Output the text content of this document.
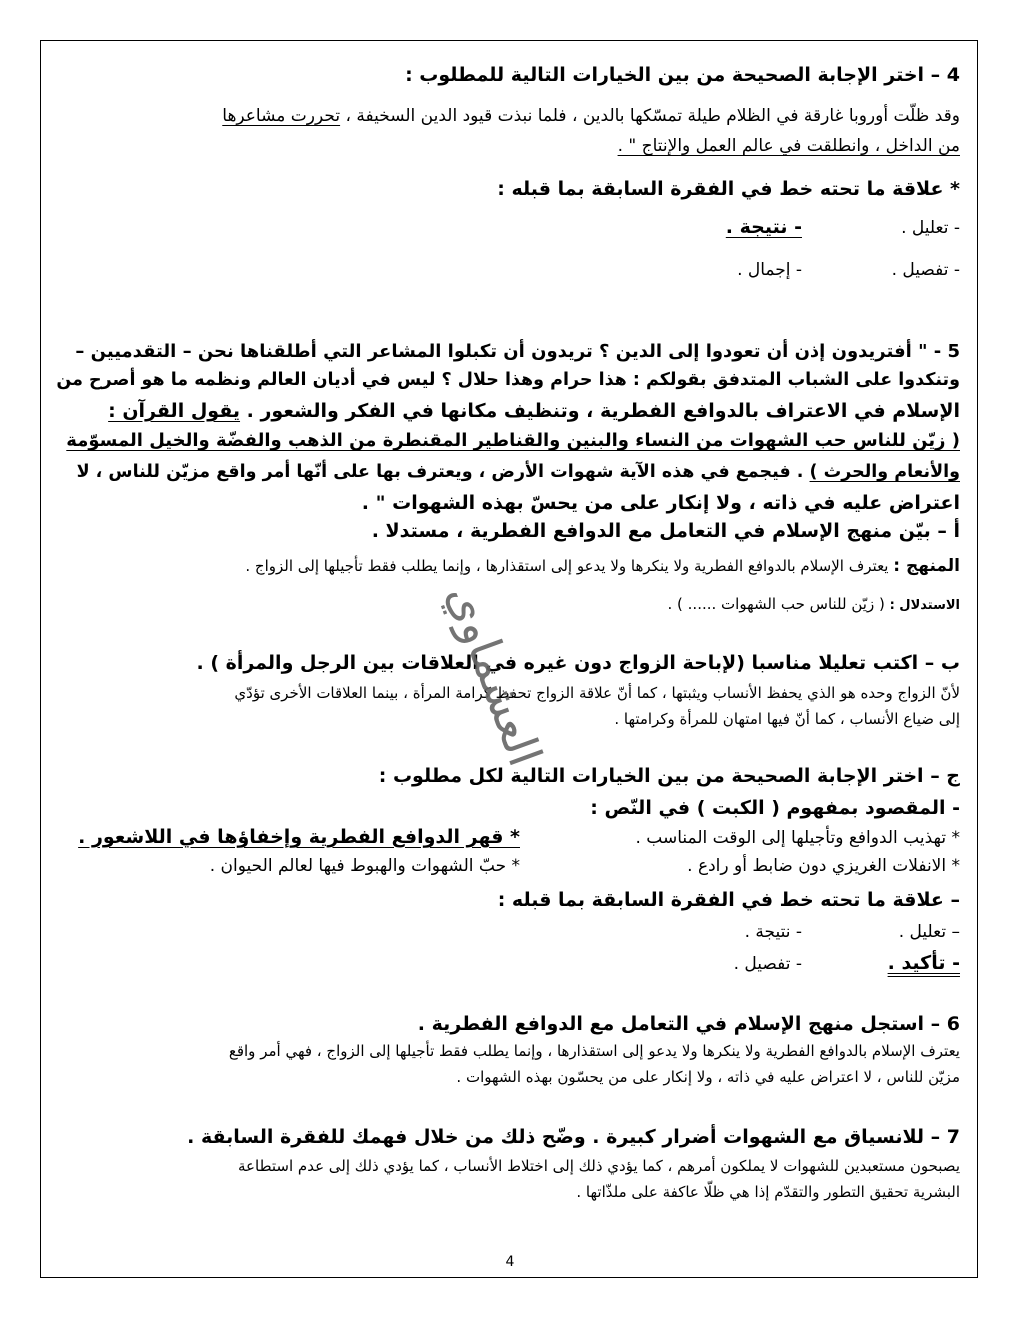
4 – اختر الإجابة الصحيحة من بين الخيارات التالية للمطلوب :
وقد ظلّت أوروبا غارقة في الظلام طيلة تمسّكها بالدين ، فلما نبذت قيود الدين السخيفة ، تحررت مشاعرها
من الداخل ، وانطلقت في عالم العمل والإنتاج " .
* علاقة ما تحته خط في الفقرة السابقة بما قبله :
- تعليل .
- نتيجة .
- تفصيل .
- إجمال .
5 - " أفتريدون إذن أن تعودوا إلى الدين ؟ تريدون أن تكبلوا المشاعر التي أطلقناها نحن – التقدميين –
وتنكدوا على الشباب المتدفق بقولكم : هذا حرام وهذا حلال ؟ ليس في أديان العالم ونظمه ما هو أصرح من
الإسلام في الاعتراف بالدوافع الفطرية ، وتنظيف مكانها في الفكر والشعور . يقول القرآن :
( زيّن للناس حب الشهوات من النساء والبنين والقناطير المقنطرة من الذهب والفضّة والخيل المسوّمة
والأنعام والحرث ) . فيجمع في هذه الآية شهوات الأرض ، ويعترف بها على أنّها أمر واقع مزيّن للناس ، لا
اعتراض عليه في ذاته ، ولا إنكار على من يحسّ بهذه الشهوات " .
أ – بيّن منهج الإسلام في التعامل مع الدوافع الفطرية ، مستدلا .
المنهج : يعترف الإسلام بالدوافع الفطرية ولا ينكرها ولا يدعو إلى استقذارها ، وإنما يطلب فقط تأجيلها إلى الزواج .
الاستدلال : ( زيّن للناس حب الشهوات ...... ) .
ب – اكتب تعليلا مناسبا (لإباحة الزواج دون غيره في العلاقات بين الرجل والمرأة ) .
لأنّ الزواج وحده هو الذي يحفظ الأنساب ويثبتها ، كما أنّ علاقة الزواج تحفظ كرامة المرأة ، بينما العلاقات الأخرى تؤدّي
إلى ضياع الأنساب ، كما أنّ فيها امتهان للمرأة وكرامتها .
ج – اختر الإجابة الصحيحة من بين الخيارات التالية لكل مطلوب :
- المقصود بمفهوم ( الكبت ) في النّص :
* تهذيب الدوافع وتأجيلها إلى الوقت المناسب .
* قهر الدوافع الفطرية وإخفاؤها في اللاشعور .
* الانفلات الغريزي دون ضابط أو رادع .
* حبّ الشهوات والهبوط فيها لعالم الحيوان .
– علاقة ما تحته خط في الفقرة السابقة بما قبله :
– تعليل .
- نتيجة .
- تأكيد .
- تفصيل .
6 – استجل منهج الإسلام في التعامل مع الدوافع الفطرية .
يعترف الإسلام بالدوافع الفطرية ولا ينكرها ولا يدعو إلى استقذارها ، وإنما يطلب فقط تأجيلها إلى الزواج ، فهي أمر واقع
مزيّن للناس ، لا اعتراض عليه في ذاته ، ولا إنكار على من يحسّون بهذه الشهوات .
7 – للانسياق مع الشهوات أضرار كبيرة . وضّح ذلك من خلال فهمك للفقرة السابقة .
يصبحون مستعبدين للشهوات لا يملكون أمرهم ، كما يؤدي ذلك إلى اختلاط الأنساب ، كما يؤدي ذلك إلى عدم استطاعة
البشرية تحقيق التطور والتقدّم إذا هي ظلّا عاكفة على ملذّاتها .
العشماوي
4
